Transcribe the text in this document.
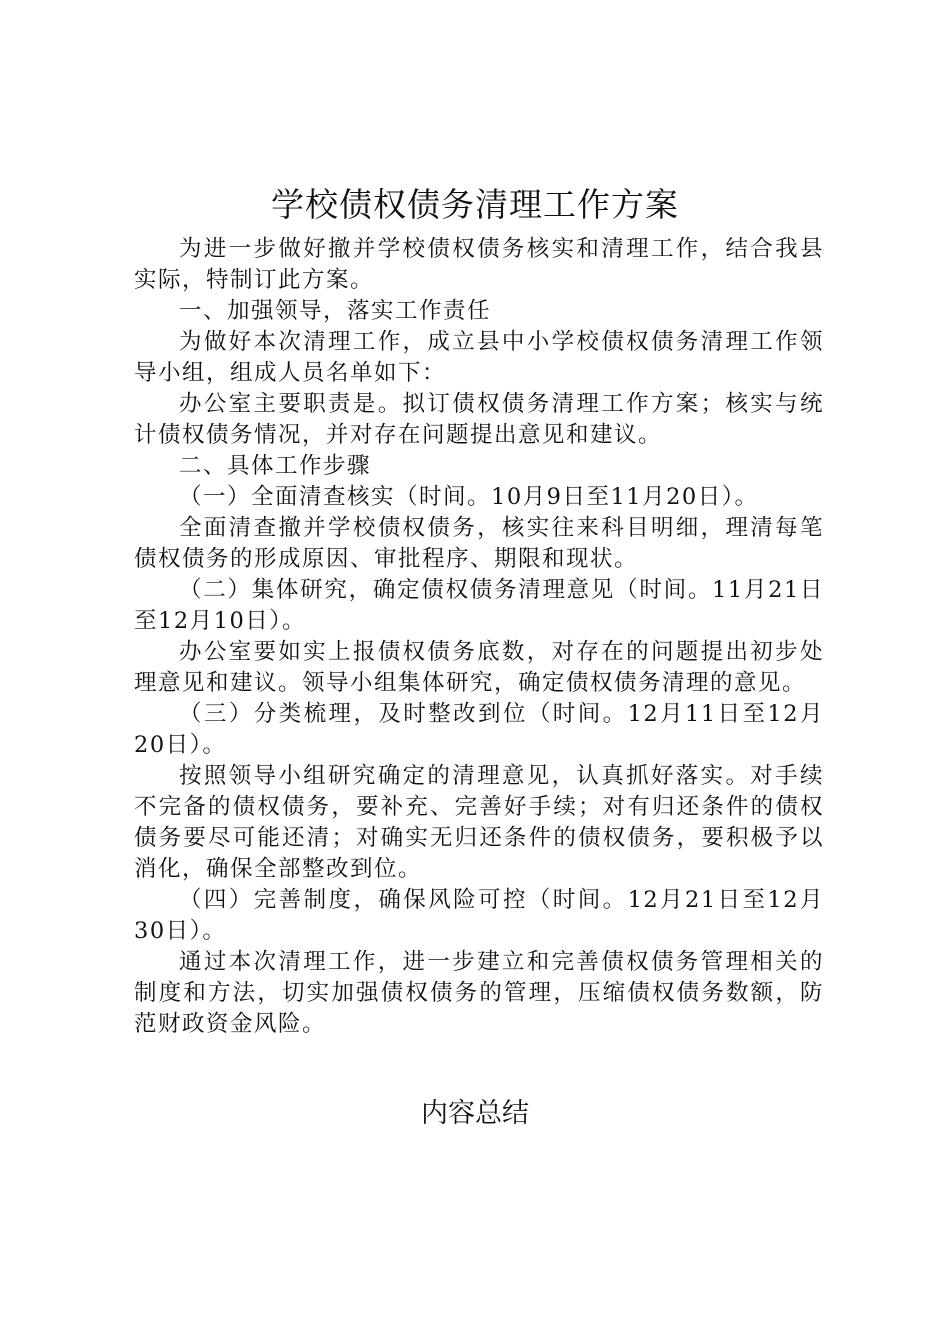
学校债权债务清理工作方案

为进一步做好撤并学校债权债务核实和清理工作，结合我县实际，特制订此方案。

一、加强领导，落实工作责任

为做好本次清理工作，成立县中小学校债权债务清理工作领导小组，组成人员名单如下：

办公室主要职责是。拟订债权债务清理工作方案；核实与统计债权债务情况，并对存在问题提出意见和建议。

二、具体工作步骤

（一）全面清查核实（时间。10月9日至11月20日）。

全面清查撤并学校债权债务，核实往来科目明细，理清每笔债权债务的形成原因、审批程序、期限和现状。

（二）集体研究，确定债权债务清理意见（时间。11月21日至12月10日）。

办公室要如实上报债权债务底数，对存在的问题提出初步处理意见和建议。领导小组集体研究，确定债权债务清理的意见。

（三）分类梳理，及时整改到位（时间。12月11日至12月20日）。

按照领导小组研究确定的清理意见，认真抓好落实。对手续不完备的债权债务，要补充、完善好手续；对有归还条件的债权债务要尽可能还清；对确实无归还条件的债权债务，要积极予以消化，确保全部整改到位。

（四）完善制度，确保风险可控（时间。12月21日至12月30日）。

通过本次清理工作，进一步建立和完善债权债务管理相关的制度和方法，切实加强债权债务的管理，压缩债权债务数额，防范财政资金风险。

内容总结
